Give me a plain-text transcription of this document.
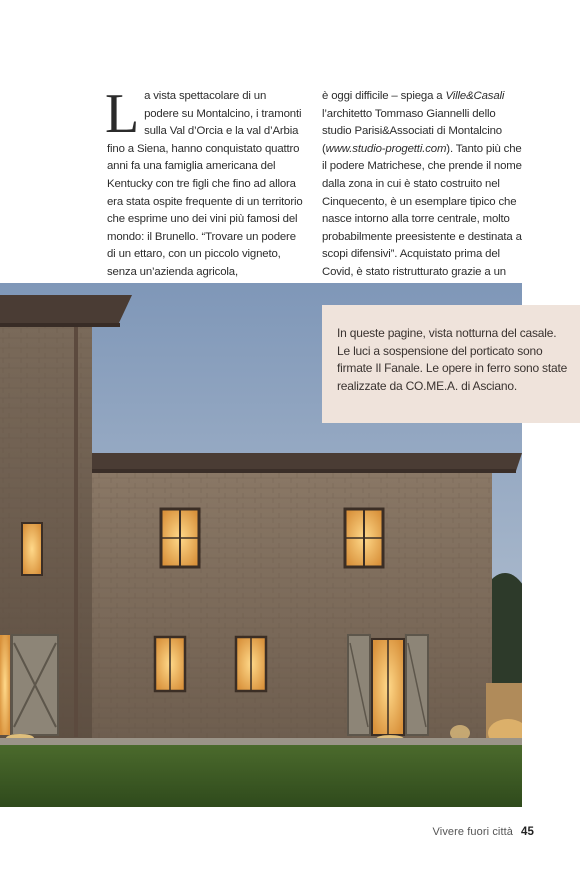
La vista spettacolare di un podere su Montalcino, i tramonti sulla Val d’Orcia e la val d’Arbia fino a Siena, hanno conquistato quattro anni fa una famiglia americana del Kentucky con tre figli che fino ad allora era stata ospite frequente di un territorio che esprime uno dei vini più famosi del mondo: il Brunello. “Trovare un podere di un ettaro, con un piccolo vigneto, senza un’azienda agricola,
è oggi difficile – spiega a Ville&Casali l’architetto Tommaso Giannelli dello studio Parisi&Associati di Montalcino (www.studio-progetti.com). Tanto più che il podere Matrichese, che prende il nome dalla zona in cui è stato costruito nel Cinquecento, è un esemplare tipico che nasce intorno alla torre centrale, molto probabilmente preesistente e destinata a scopi difensivi”. Acquistato prima del Covid, è stato ristrutturato grazie a un
In queste pagine, vista notturna del casale. Le luci a sospensione del porticato sono firmate Il Fanale. Le opere in ferro sono state realizzate da CO.ME.A. di Asciano.
Vivere fuori città 45
